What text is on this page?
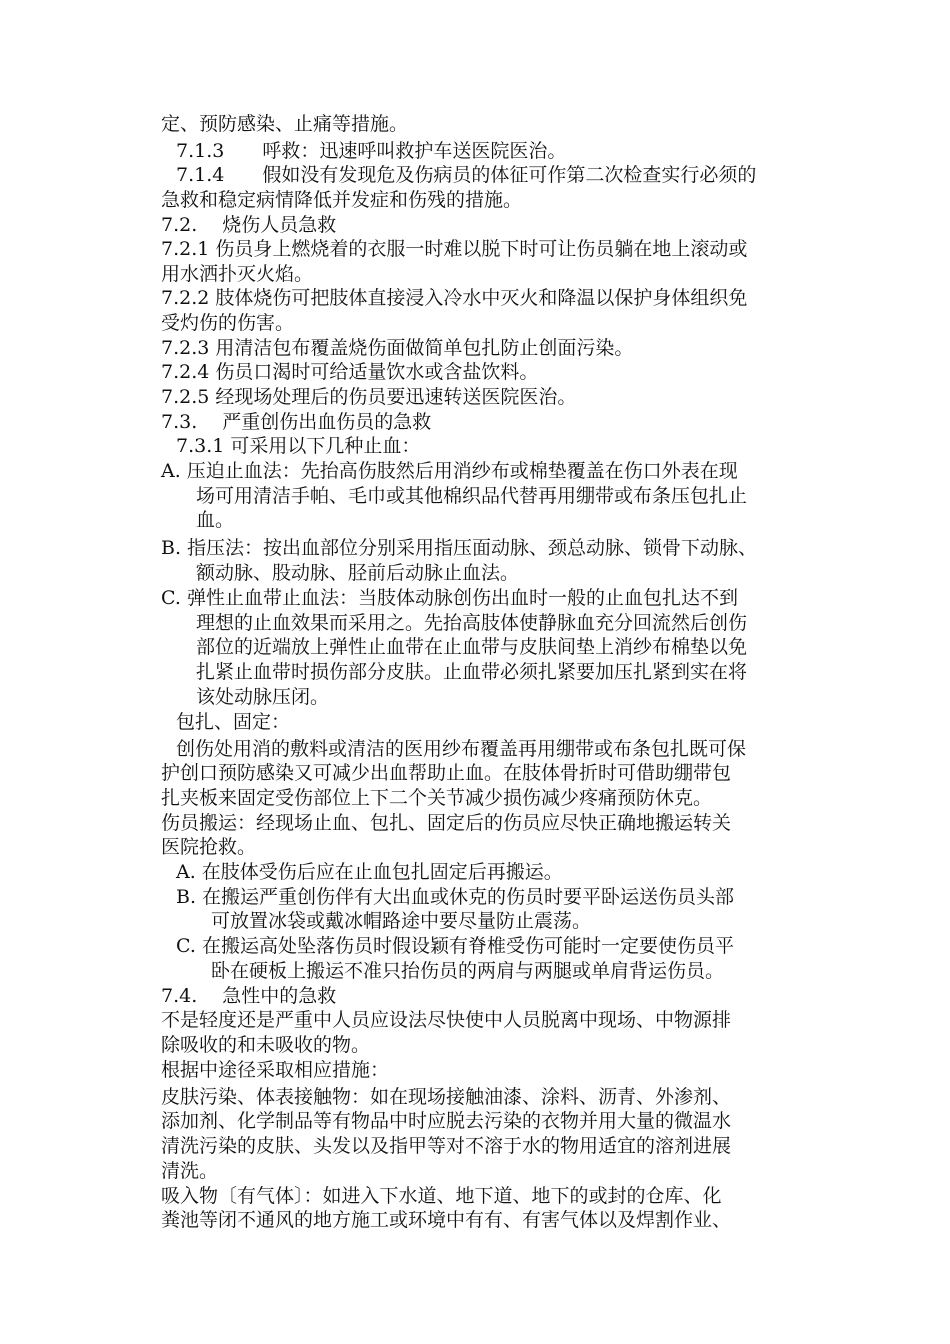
定、预防感染、止痛等措施。
7.1.3　　呼救：迅速呼叫救护车送医院医治。
7.1.4　　假如没有发现危及伤病员的体征可作第二次检查实行必须的
急救和稳定病情降低并发症和伤残的措施。
7.2.　 烧伤人员急救
7.2.1 伤员身上燃烧着的衣服一时难以脱下时可让伤员躺在地上滚动或
用水洒扑灭火焰。
7.2.2 肢体烧伤可把肢体直接浸入冷水中灭火和降温以保护身体组织免
受灼伤的伤害。
7.2.3 用清洁包布覆盖烧伤面做简单包扎防止创面污染。
7.2.4 伤员口渴时可给适量饮水或含盐饮料。
7.2.5 经现场处理后的伤员要迅速转送医院医治。
7.3.　 严重创伤出血伤员的急救
7.3.1 可采用以下几种止血：
A. 压迫止血法：先抬高伤肢然后用消纱布或棉垫覆盖在伤口外表在现
场可用清洁手帕、毛巾或其他棉织品代替再用绷带或布条压包扎止
血。
B. 指压法：按出血部位分别采用指压面动脉、颈总动脉、锁骨下动脉、
额动脉、股动脉、胫前后动脉止血法。
C. 弹性止血带止血法：当肢体动脉创伤出血时一般的止血包扎达不到
理想的止血效果而采用之。先抬高肢体使静脉血充分回流然后创伤
部位的近端放上弹性止血带在止血带与皮肤间垫上消纱布棉垫以免
扎紧止血带时损伤部分皮肤。止血带必须扎紧要加压扎紧到实在将
该处动脉压闭。
包扎、固定：
创伤处用消的敷料或清洁的医用纱布覆盖再用绷带或布条包扎既可保
护创口预防感染又可减少出血帮助止血。在肢体骨折时可借助绷带包
扎夹板来固定受伤部位上下二个关节减少损伤减少疼痛预防休克。
伤员搬运：经现场止血、包扎、固定后的伤员应尽快正确地搬运转关
医院抢救。
A. 在肢体受伤后应在止血包扎固定后再搬运。
B. 在搬运严重创伤伴有大出血或休克的伤员时要平卧运送伤员头部
可放置冰袋或戴冰帽路途中要尽量防止震荡。
C. 在搬运高处坠落伤员时假设颖有脊椎受伤可能时一定要使伤员平
卧在硬板上搬运不准只抬伤员的两肩与两腿或单肩背运伤员。
7.4.　 急性中的急救
不是轻度还是严重中人员应设法尽快使中人员脱离中现场、中物源排
除吸收的和未吸收的物。
根据中途径采取相应措施：
皮肤污染、体表接触物：如在现场接触油漆、涂料、沥青、外渗剂、
添加剂、化学制品等有物品中时应脱去污染的衣物并用大量的微温水
清洗污染的皮肤、头发以及指甲等对不溶于水的物用适宜的溶剂进展
清洗。
吸入物〔有气体〕：如进入下水道、地下道、地下的或封的仓库、化
粪池等闭不通风的地方施工或环境中有有、有害气体以及焊割作业、
